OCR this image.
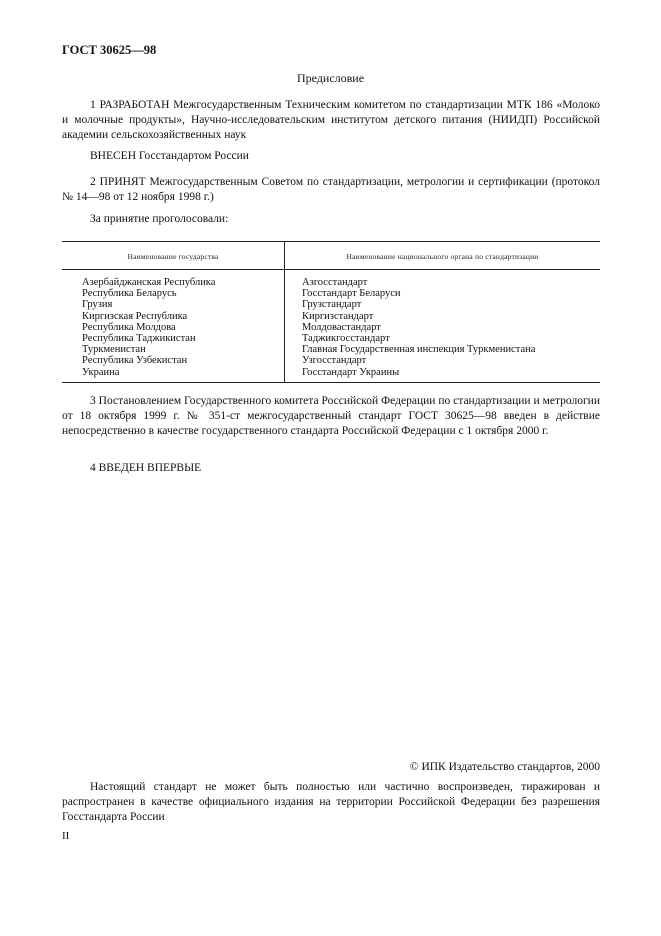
ГОСТ 30625—98
Предисловие

1 РАЗРАБОТАН Межгосударственным Техническим комитетом по стандартизации МТК 186 «Молоко и молочные продукты», Научно-исследовательским институтом детского питания (НИИДП) Российской академии сельскохозяйственных наук

ВНЕСЕН Госстандартом России

2 ПРИНЯТ Межгосударственным Советом по стандартизации, метрологии и сертификации (протокол № 14—98 от 12 ноября 1998 г.)

За принятие проголосовали:

Наименование государства	Наименование национального органа по стандартизации
Азербайджанская Республика
Республика Беларусь
Грузия
Киргизская Республика
Республика Молдова
Республика Таджикистан
Туркменистан
Республика Узбекистан
Украина
Азгосстандарт
Госстандарт Беларуси
Грузстандарт
Киргизстандарт
Молдовастандарт
Таджикгосстандарт
Главная Государственная инспекция Туркменистана
Узгосстандарт
Госстандарт Украины

3 Постановлением Государственного комитета Российской Федерации по стандартизации и метрологии от 18 октября 1999 г. № 351-ст межгосударственный стандарт ГОСТ 30625—98 введен в действие непосредственно в качестве государственного стандарта Российской Федерации с 1 октября 2000 г.

4 ВВЕДЕН ВПЕРВЫЕ

© ИПК Издательство стандартов, 2000

Настоящий стандарт не может быть полностью или частично воспроизведен, тиражирован и распространен в качестве официального издания на территории Российской Федерации без разрешения Госстандарта России

II
